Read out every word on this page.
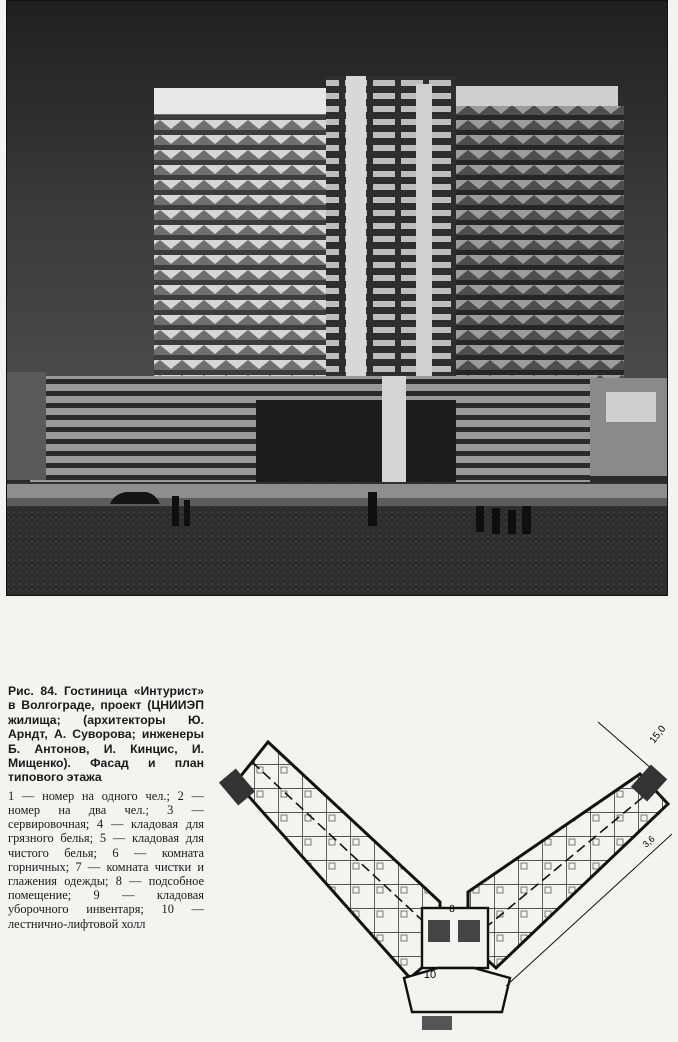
Рис. 84. Гостиница «Интурист» в Волгограде, проект (ЦНИИЭП жилища; (архитекторы Ю. Арндт, А. Суворова; инженеры Б. Антонов, И. Кинцис, И. Мищенко). Фасад и план типового этажа

1 — номер на одного чел.; 2 — номер на два чел.; 3 — сервировочная; 4 — кладовая для грязного белья; 5 — кладовая для чистого белья; 6 — комната горничных; 7 — комната чистки и глажения одежды; 8 — подсобное помещение; 9 — кладовая уборочного инвентаря; 10 — лестнично-лифтовой холл

8
10
15,0
3,6
